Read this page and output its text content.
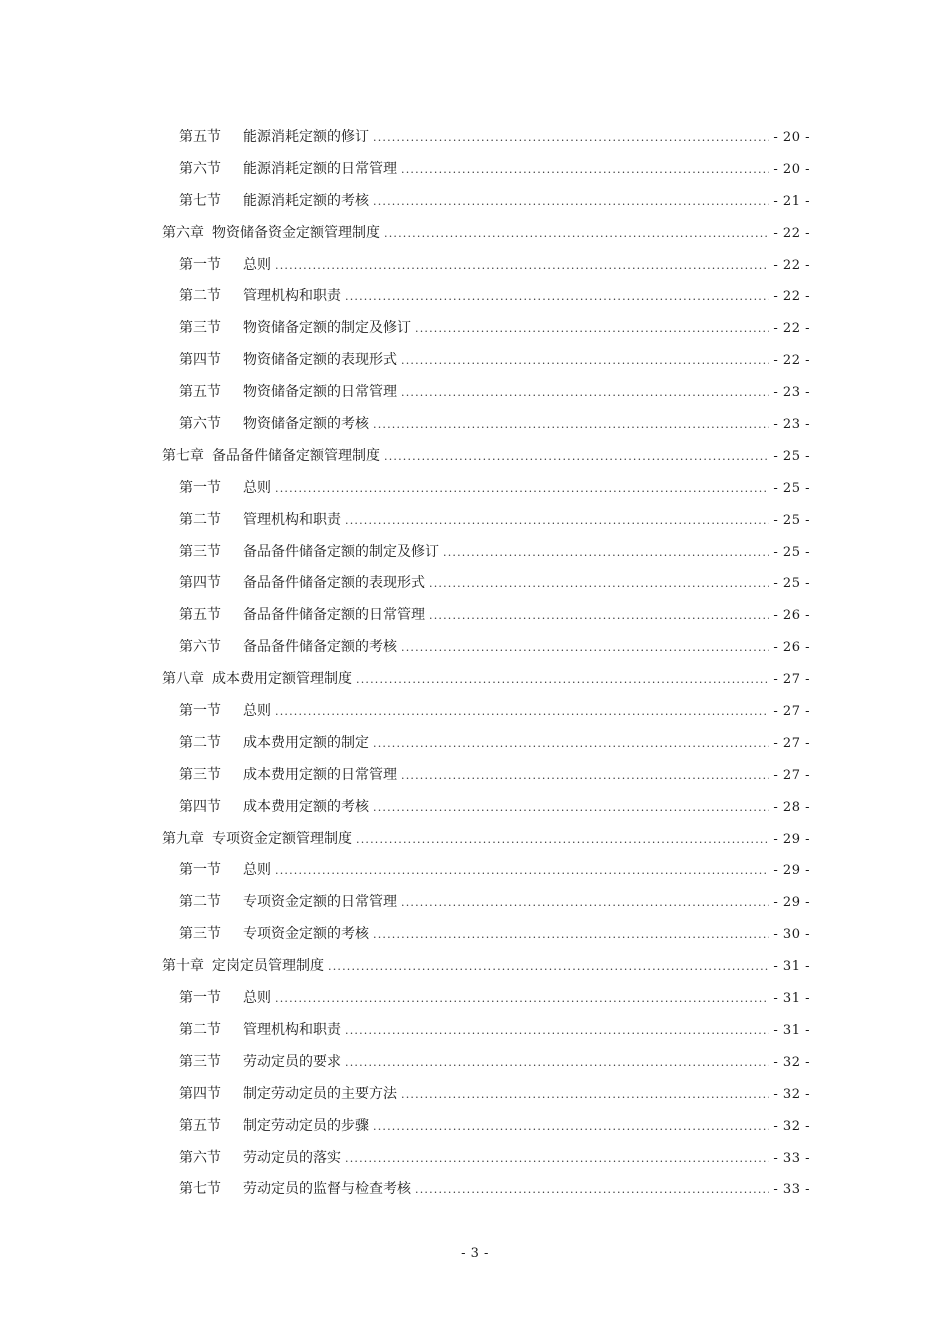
第五节	能源消耗定额的修订 .....	- 20 -
第六节	能源消耗定额的日常管理 .....	- 20 -
第七节	能源消耗定额的考核 .....	- 21 -
第六章 物资储备资金定额管理制度 .....	- 22 -
第一节	总则 .....	- 22 -
第二节	管理机构和职责 .....	- 22 -
第三节	物资储备定额的制定及修订 .....	- 22 -
第四节	物资储备定额的表现形式 .....	- 22 -
第五节	物资储备定额的日常管理 .....	- 23 -
第六节	物资储备定额的考核 .....	- 23 -
第七章 备品备件储备定额管理制度 .....	- 25 -
第一节	总则 .....	- 25 -
第二节	管理机构和职责 .....	- 25 -
第三节	备品备件储备定额的制定及修订 .....	- 25 -
第四节	备品备件储备定额的表现形式 .....	- 25 -
第五节	备品备件储备定额的日常管理 .....	- 26 -
第六节	备品备件储备定额的考核 .....	- 26 -
第八章 成本费用定额管理制度 .....	- 27 -
第一节	总则 .....	- 27 -
第二节	成本费用定额的制定 .....	- 27 -
第三节	成本费用定额的日常管理 .....	- 27 -
第四节	成本费用定额的考核 .....	- 28 -
第九章 专项资金定额管理制度 .....	- 29 -
第一节	总则 .....	- 29 -
第二节	专项资金定额的日常管理 .....	- 29 -
第三节	专项资金定额的考核 .....	- 30 -
第十章 定岗定员管理制度 .....	- 31 -
第一节	总则 .....	- 31 -
第二节	管理机构和职责 .....	- 31 -
第三节	劳动定员的要求 .....	- 32 -
第四节	制定劳动定员的主要方法 .....	- 32 -
第五节	制定劳动定员的步骤 .....	- 32 -
第六节	劳动定员的落实 .....	- 33 -
第七节	劳动定员的监督与检查考核 .....	- 33 -
- 3 -
